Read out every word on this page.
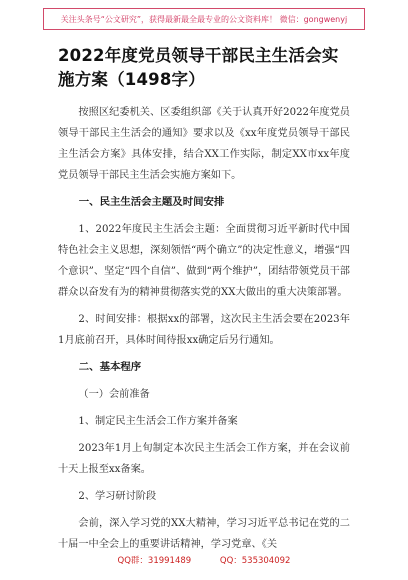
关注头条号“公文研究”，获得最新最全最专业的公文资料库！ 微信：gongwenyj
2022年度党员领导干部民主生活会实施方案（1498字）

按照区纪委机关、区委组织部《关于认真开好2022年度党员领导干部民主生活会的通知》要求以及《xx年度党员领导干部民主生活会方案》具体安排，结合XX工作实际，制定XX市xx年度党员领导干部民主生活会实施方案如下。

一、民主生活会主题及时间安排

1、2022年度民主生活会主题：全面贯彻习近平新时代中国特色社会主义思想，深刻领悟“两个确立”的决定性意义，增强“四个意识”、坚定“四个自信”、做到“两个维护”，团结带领党员干部群众以奋发有为的精神贯彻落实党的XX大做出的重大决策部署。

2、时间安排：根据xx的部署，这次民主生活会要在2023年1月底前召开，具体时间待报xx确定后另行通知。

二、基本程序

（一）会前准备

1、制定民主生活会工作方案并备案

2023年1月上旬制定本次民主生活会工作方案，并在会议前十天上报至xx备案。

2、学习研讨阶段

会前，深入学习党的XX大精神，学习习近平总书记在党的二十届一中全会上的重要讲话精神，学习党章、《关

QQ群：31991489	QQ：535304092
